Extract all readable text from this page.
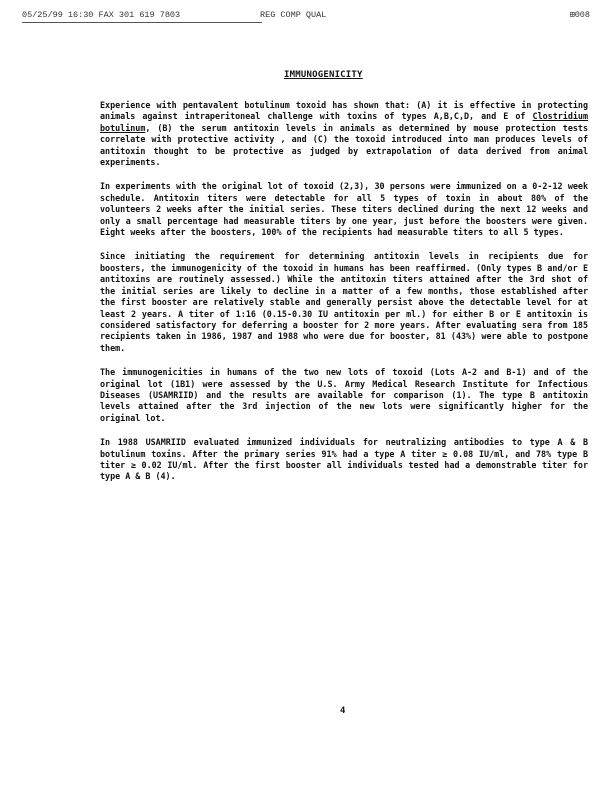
05/25/99 16:30 FAX 301 619 7803	REG COMP QUAL	⊞008
IMMUNOGENICITY

Experience with pentavalent botulinum toxoid has shown that: (A) it is effective in protecting animals against intraperitoneal challenge with toxins of types A,B,C,D, and E of Clostridium botulinum, (B) the serum antitoxin levels in animals as determined by mouse protection tests correlate with protective activity , and (C) the toxoid introduced into man produces levels of antitoxin thought to be protective as judged by extrapolation of data derived from animal experiments.

In experiments with the original lot of toxoid (2,3), 30 persons were immunized on a 0-2-12 week schedule. Antitoxin titers were detectable for all 5 types of toxin in about 80% of the volunteers 2 weeks after the initial series. These titers declined during the next 12 weeks and only a small percentage had measurable titers by one year, just before the boosters were given. Eight weeks after the boosters, 100% of the recipients had measurable titers to all 5 types.

Since initiating the requirement for determining antitoxin levels in recipients due for boosters, the immunogenicity of the toxoid in humans has been reaffirmed. (Only types B and/or E antitoxins are routinely assessed.) While the antitoxin titers attained after the 3rd shot of the initial series are likely to decline in a matter of a few months, those established after the first booster are relatively stable and generally persist above the detectable level for at least 2 years. A titer of 1:16 (0.15-0.30 IU antitoxin per ml.) for either B or E antitoxin is considered satisfactory for deferring a booster for 2 more years. After evaluating sera from 185 recipients taken in 1986, 1987 and 1988 who were due for booster, 81 (43%) were able to postpone them.

The immunogenicities in humans of the two new lots of toxoid (Lots A-2 and B-1) and of the original lot (1B1) were assessed by the U.S. Army Medical Research Institute for Infectious Diseases (USAMRIID) and the results are available for comparison (1). The type B antitoxin levels attained after the 3rd injection of the new lots were significantly higher for the original lot.

In 1988 USAMRIID evaluated immunized individuals for neutralizing antibodies to type A & B botulinum toxins. After the primary series 91% had a type A titer ≥ 0.08 IU/ml, and 78% type B titer ≥ 0.02 IU/ml. After the first booster all individuals tested had a demonstrable titer for type A & B (4).

4
